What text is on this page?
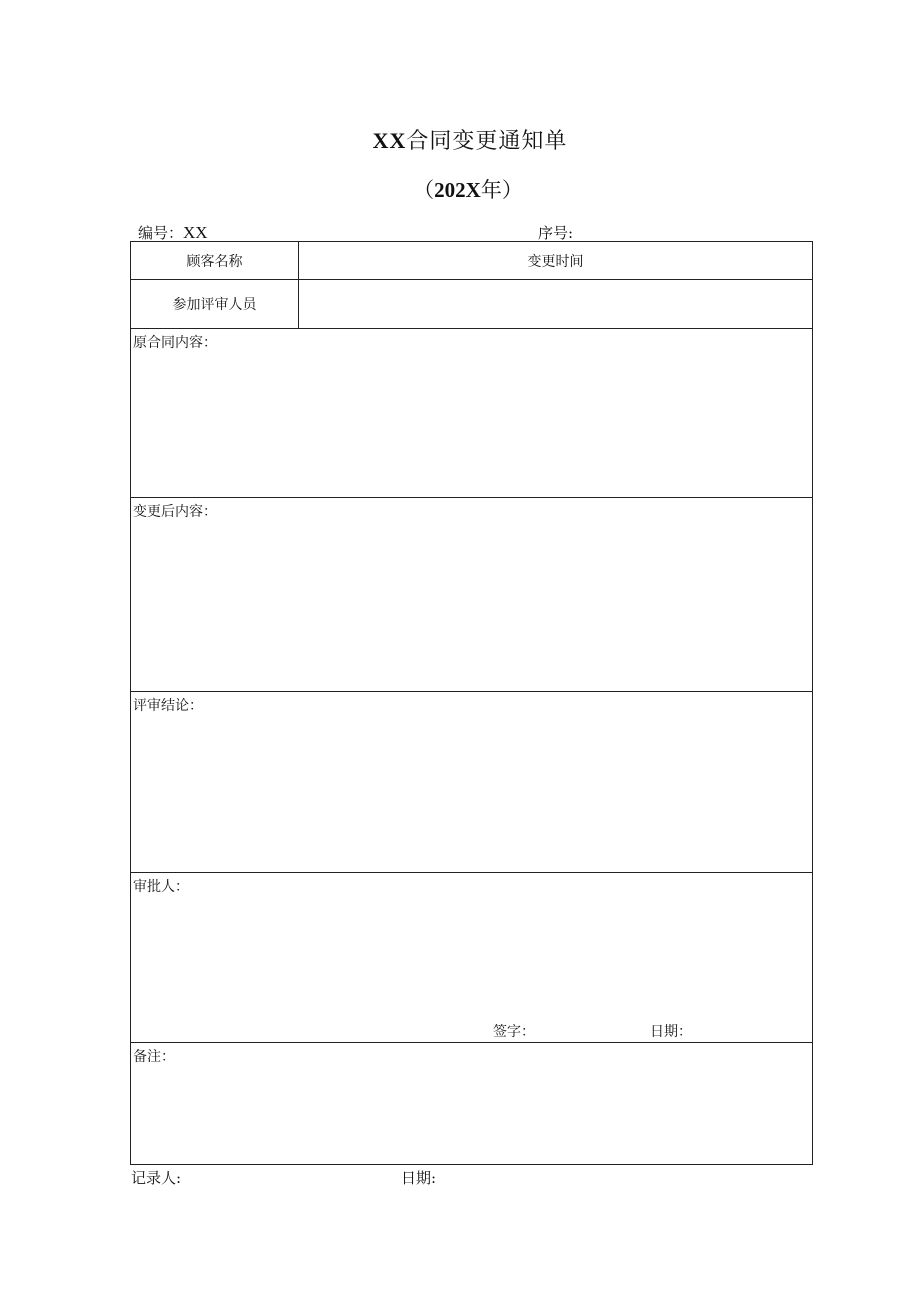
XX合同变更通知单
（202X年）
编号：XX	序号:
顾客名称	变更时间
参加评审人员
原合同内容：
变更后内容：
评审结论：
审批人：
签字：	日期：
备注：
记录人:	日期:
